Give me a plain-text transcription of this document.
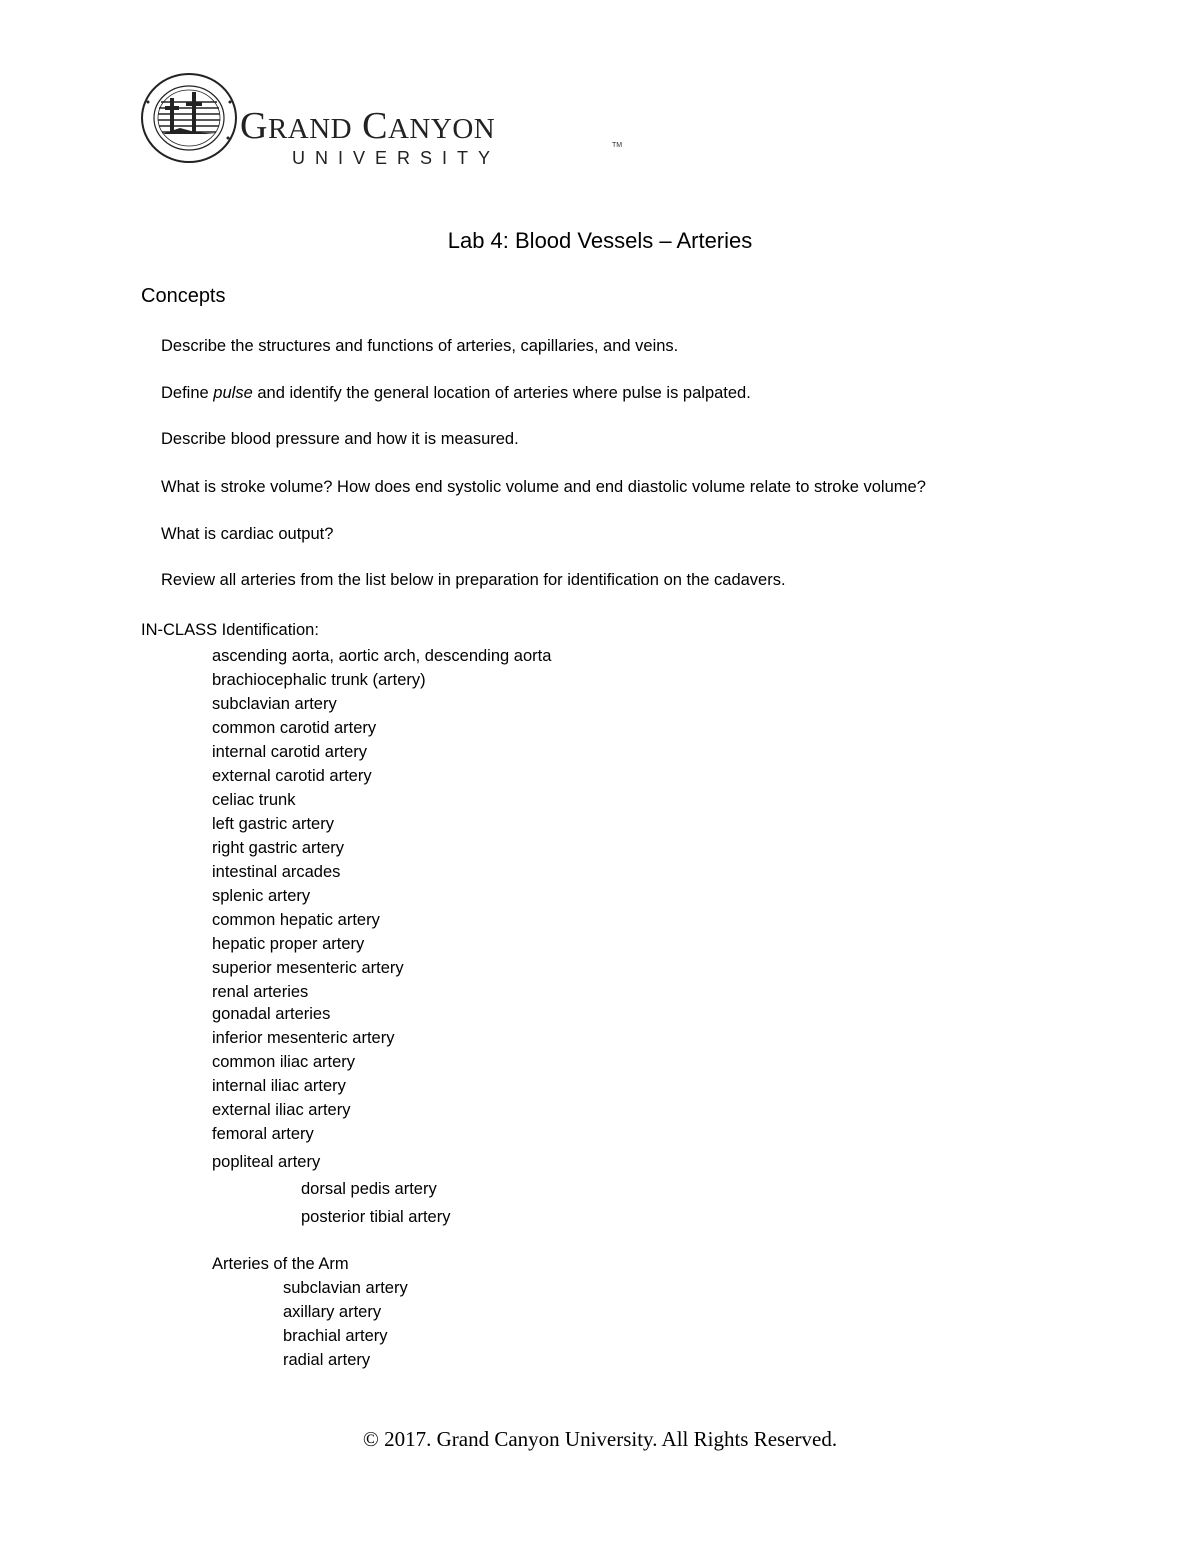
GRAND CANYON
UNIVERSITY
TM
Lab 4: Blood Vessels – Arteries
Concepts
Describe the structures and functions of arteries, capillaries, and veins.
Define pulse and identify the general location of arteries where pulse is palpated.
Describe blood pressure and how it is measured.
What is stroke volume? How does end systolic volume and end diastolic volume relate to stroke volume?
What is cardiac output?
Review all arteries from the list below in preparation for identification on the cadavers.
IN-CLASS Identification:
ascending aorta, aortic arch, descending aorta
brachiocephalic trunk (artery)
subclavian artery
common carotid artery
internal carotid artery
external carotid artery
celiac trunk
left gastric artery
right gastric artery
intestinal arcades
splenic artery
common hepatic artery
hepatic proper artery
superior mesenteric artery
renal arteries
gonadal arteries
inferior mesenteric artery
common iliac artery
internal iliac artery
external iliac artery
femoral artery
popliteal artery
dorsal pedis artery
posterior tibial artery
Arteries of the Arm
subclavian artery
axillary artery
brachial artery
radial artery
© 2017. Grand Canyon University. All Rights Reserved.
